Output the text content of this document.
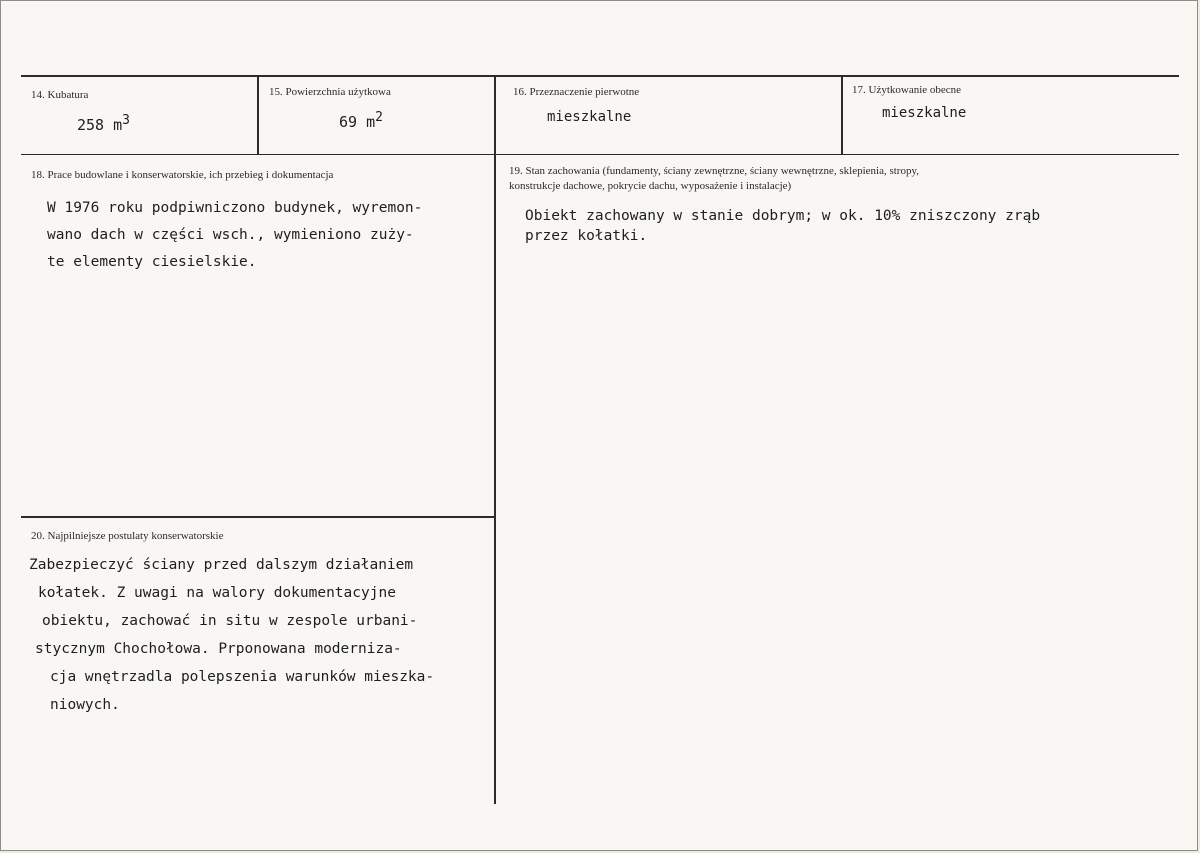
14. Kubatura
258 $m^3$
15. Powierzchnia użytkowa
69 $m^2$
16. Przeznaczenie pierwotne
mieszkalne
17. Użytkowanie obecne
mieszkalne
18. Prace budowlane i konserwatorskie, ich przebieg i dokumentacja
W 1976 roku podpiwniczono budynek, wyremon-
wano dach w części wsch., wymieniono zuży-
te elementy ciesielskie.
19. Stan zachowania (fundamenty, ściany zewnętrzne, ściany wewnętrzne, sklepienia, stropy,
konstrukcje dachowe, pokrycie dachu, wyposażenie i instalacje)
Obiekt zachowany w stanie dobrym; w ok. 10% zniszczony zrąb
przez kołatki.
20. Najpilniejsze postulaty konserwatorskie
Zabezpieczyć ściany przed dalszym działaniem
kołatek. Z uwagi na walory dokumentacyjne
obiektu, zachować in situ w zespole urbani-
stycznym Chochołowa. Prponowana moderniza-
cja wnętrzadla polepszenia warunków mieszka-
niowych.
